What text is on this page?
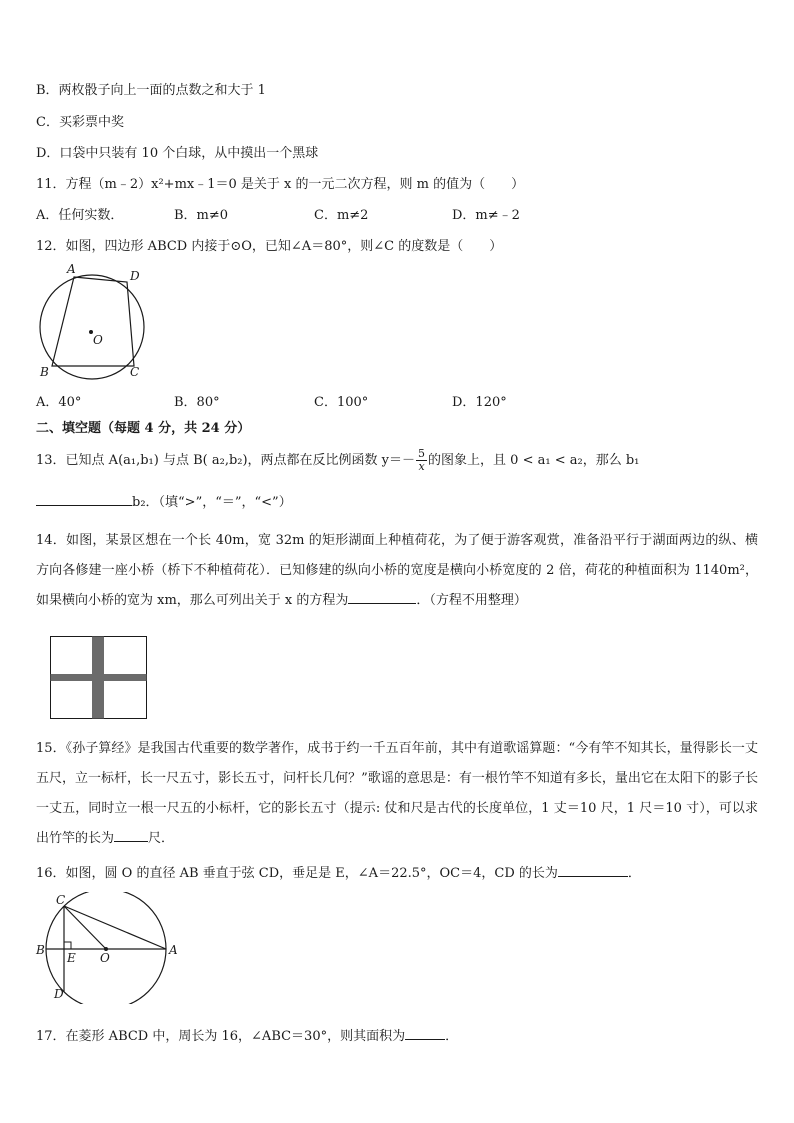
B．两枚骰子向上一面的点数之和大于 1
C．买彩票中奖
D．口袋中只装有 10 个白球，从中摸出一个黑球
11．方程（m﹣2）x²+mx﹣1＝0 是关于 x 的一元二次方程，则 m 的值为（　　）
A．任何实数．	B．m≠0	C．m≠2	D．m≠﹣2
12．如图，四边形 ABCD 内接于⊙O，已知∠A＝80°，则∠C 的度数是（　　）
A	D
O
B	C
A．40°	B．80°	C．100°	D．120°
二、填空题（每题 4 分，共 24 分）
13．已知点 A(a₁,b₁) 与点 B( a₂,b₂)，两点都在反比例函数 $y=- \frac{5}{x}$ 的图象上，且 0 < a₁ < a₂，那么 b₁
b₂．（填“>”，“＝”，“<”）
14．如图，某景区想在一个长 40m，宽 32m 的矩形湖面上种植荷花，为了便于游客观赏，准备沿平行于湖面两边的纵、横方向各修建一座小桥（桥下不种植荷花）．已知修建的纵向小桥的宽度是横向小桥宽度的 2 倍，荷花的种植面积为 1140m²，如果横向小桥的宽为 xm，那么可列出关于 x 的方程为	．（方程不用整理）
15．《孙子算经》是我国古代重要的数学著作，成书于约一千五百年前，其中有道歌谣算题：“今有竿不知其长，量得影长一丈五尺，立一标杆，长一尺五寸，影长五寸，问杆长几何？”歌谣的意思是：有一根竹竿不知道有多长，量出它在太阳下的影子长一丈五，同时立一根一尺五的小标杆，它的影长五寸（提示: 仗和尺是古代的长度单位，1 丈＝10 尺，1 尺＝10 寸），可以求出竹竿的长为	尺．
16．如图，圆 O 的直径 AB 垂直于弦 CD，垂足是 E，∠A＝22.5°，OC＝4，CD 的长为	．
C
B
E O
A
D
17．在菱形 ABCD 中，周长为 16，∠ABC＝30°，则其面积为	．
